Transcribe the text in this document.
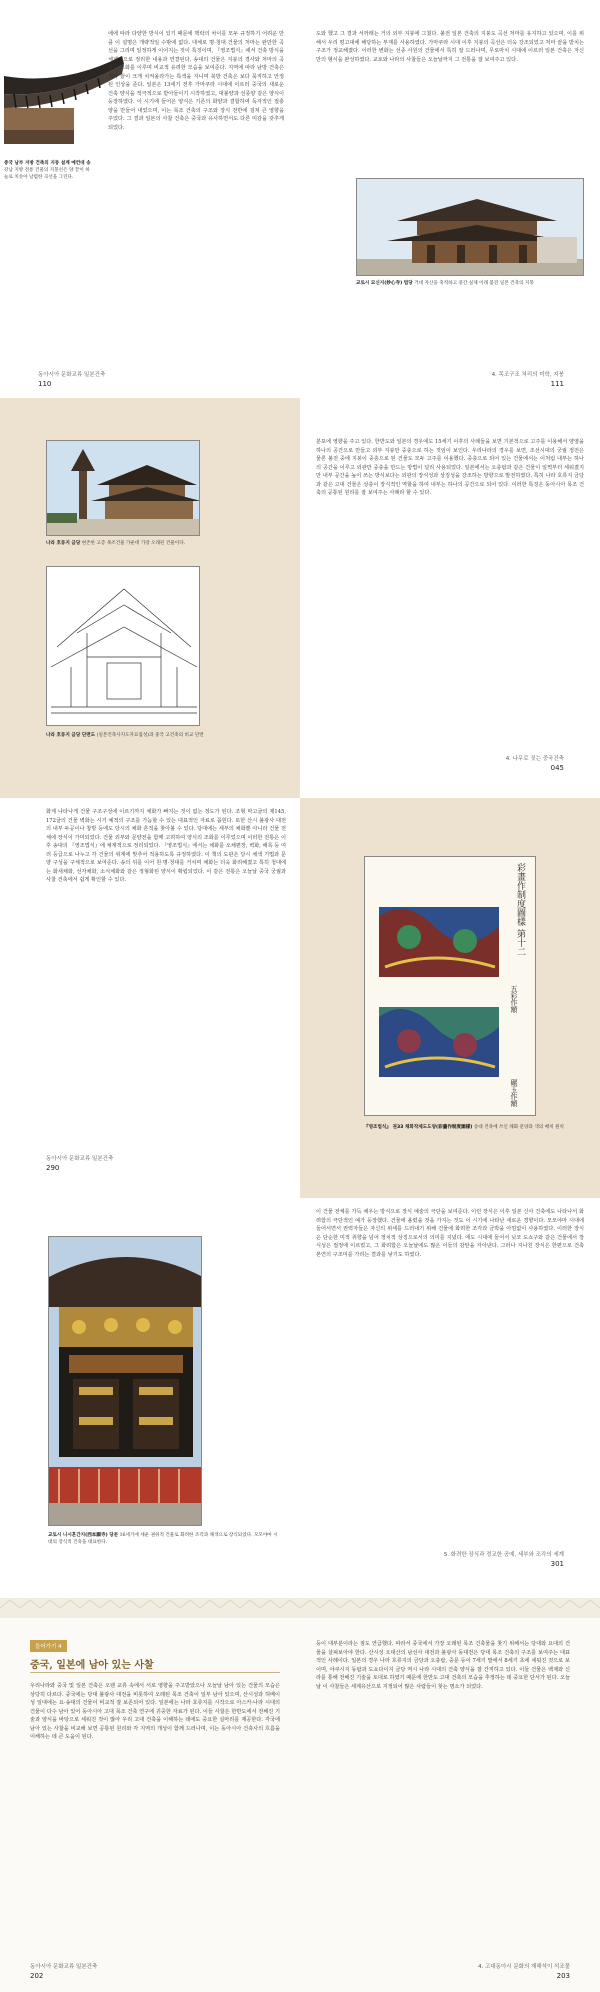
중국 남부 지방 건축의 지붕 설계 예컨대 송 강남 지방 전통 건물의 지붕선은 양 끝이 하늘로 치솟아 날렵한 곡선을 그린다.
에에 따라 다양한 방식이 있기 때문에 맥락의 차이를 모두 규정하기 어려운 만큼 이 설명은 개략적일 수밖에 없다. 대체로 명·청대 건물의 처마는 완만한 곡선을 그리며 일정하게 이어지는 것이 특징이며, 『영조법식』에서 건축 방식을 체계적으로 정리한 내용과 연결된다. 송대의 건물은 지붕의 경사와 처마의 곡선이 조화를 이루며 비교적 유려한 모습을 보여준다. 지역에 따라 남방 건축은 처마 끝이 크게 치켜올라가는 특색을 지니며 북방 건축은 보다 묵직하고 안정된 인상을 준다. 일본은 13세기 전후 가마쿠라 시대에 이르러 중국의 새로운 건축 양식을 적극적으로 받아들이기 시작하였고, 대불양과 선종양 같은 양식이 등장하였다. 이 시기에 들어온 양식은 기존의 화양과 결합하여 독자적인 절충양을 만들어 내었으며, 이는 목조 건축의 구조와 장식 전반에 걸쳐 큰 영향을 주었다. 그 결과 일본의 사찰 건축은 중국과 유사하면서도 다른 미감을 갖추게 되었다.
동아시아 문화교류 일본건축
110
도와 했고 그 결과 서까래는 거의 외부 지붕에 그쳤다. 불전 일본 건축의 지붕도 곡선 처마를 유지하고 있으며, 이를 위해서 우리 평고대에 해당하는 부재를 사용하였다. 가마쿠라 시대 이후 지붕의 곡선은 더욱 강조되었고 처마 끝을 받치는 구조가 정교해졌다. 이러한 변화는 선종 사원의 건물에서 특히 잘 드러나며, 무로마치 시대에 이르러 일본 건축은 자신만의 형식을 완성하였다. 교토와 나라의 사찰들은 오늘날까지 그 전통을 잘 보여주고 있다.
교토시 묘신지(妙心寺) 법당 거대 자산을 축적하고 중간 실제 이래 불전 일본 건축의 지붕
4. 목조구조 처리의 미학, 지붕
111
나라 호류지 금당 현존한 고층 목조건물 가운데 가장 오래된 건물이다.
나라 호류지 금당 단면도 (일본건축사지도자료집성)과 중국 고건축의 비교 단면
분포에 영향을 주고 있다. 한반도와 일본의 경우에도 15세기 이후의 사례들을 보면 기본적으로 고주를 이용해서 양옆을 하나의 공간으로 만들고 외부 지붕만 중층으로 하는 것임이 보인다. 우리나라의 경우를 보면, 조선시대의 궁궐 정전은 물론 불전 중에 지붕이 중층으로 된 건물도 모두 고주를 이용했다. 중층으로 되어 있는 건물에서는 이처럼 내부는 하나의 공간을 이루고 외관만 중층을 만드는 방법이 널리 사용되었다. 일본에서는 오층탑과 같은 건물이 일찍부터 세워졌지만 내부 공간을 높이 쓰는 방식보다는 외관의 장식성과 상징성을 강조하는 방향으로 발전하였다. 특히 나라 호류지 금당과 같은 고대 건물은 상층이 장식적인 역할을 하여 내부는 하나의 공간으로 되어 있다. 이러한 특징은 동아시아 목조 건축의 공통된 원리를 잘 보여주는 사례라 할 수 있다.
4. 나무로 짓는 중국건축
045
화계 나타나게 건물 구조구성에 이르기까지 체화가 빠지는 것이 없는 정도가 된다. 조형 막고굴의 제145, 172굴의 건물 벽화는 시기 예적의 구조를 가늠할 수 있는 대표적인 자료로 꼽힌다. 또한 산시 불광사 대전의 내부 두공이나 창방 등에도 당시의 채화 흔적을 찾아볼 수 있다. 당대에는 세부의 채화뿐 아니라 건물 전체에 장식이 가미되었다. 건물 외부와 문양전을 함께 고려하여 양식의 조화를 이루었으며 이러한 전통은 이후 송대의 『영조법식』에 체계적으로 정리되었다. 『영조법식』에서는 채화를 오채편장, 벽화, 해록 등 여러 등급으로 나누고 각 건물의 위계에 맞추어 적용하도록 규정하였다. 이 책의 도판은 당시 채색 기법과 문양 구성을 구체적으로 보여준다. 송의 뒤를 이어 원·명·청대를 거치며 채화는 더욱 화려해졌고 특히 청대에는 화새채화, 선자채화, 소식채화와 같은 정형화된 양식이 확립되었다. 이 같은 전통은 오늘날 중국 궁궐과 사찰 건축에서 쉽게 확인할 수 있다.
동아시아 문화교류 일본건축
290
彩畫作制度圖樣 第十二
五彩作額
碾玉作額
『영조법식』 권33 채화작제도도양(彩畵作制度圖樣) 송대 건축에 쓰인 채화 문양과 색의 배치 원칙
교토시 니시혼간지(西本願寺) 당문 16세기에 세운 권위적 건물로 화려한 조각과 채색으로 장식되었다. 모모야마 시대의 장식적 건축을 대표한다.
이 건물 전체를 가득 채우는 방식으로 장식 예술의 극단을 보여준다. 이런 장식은 이후 일본 신사 건축에도 나타나서 화려함의 극단적인 예가 등장했다. 건물에 올렸을 것을 가지는 것도 이 시기에 나타난 새로운 경향이다. 모모야마 시대에 들어서면서 권력자들은 자신의 위세를 드러내기 위해 건물에 화려한 조각과 금박을 아낌없이 사용하였다. 이러한 장식은 단순한 미적 취향을 넘어 정치적 상징으로서의 의미를 지녔다. 에도 시대에 들어서 닛코 도쇼구와 같은 건물에서 장식성은 절정에 이르렀고, 그 화려함은 오늘날에도 많은 이들의 감탄을 자아낸다. 그러나 지나친 장식은 한편으로 건축 본연의 구조미를 가리는 결과를 낳기도 하였다.
5. 화려한 장식과 정교한 공예, 세부와 조각의 세계
301
들어가기 4
중국, 일본에 남아 있는 사찰
우리나라와 중국 및 일본 건축은 오랜 교류 속에서 서로 영향을 주고받았으나 오늘날 남아 있는 건물의 모습은 상당히 다르다. 중국에는 당대 불광사 대전을 비롯하여 오래된 목조 건축이 일부 남아 있으며, 산시성과 허베이성 일대에는 요·송대의 건물이 비교적 잘 보존되어 있다. 일본에는 나라 호류지를 시작으로 아스카·나라 시대의 건물이 다수 남아 있어 동아시아 고대 목조 건축 연구에 귀중한 자료가 된다. 이들 사찰은 한반도에서 전해진 기술과 양식을 바탕으로 세워진 것이 많아 우리 고대 건축을 이해하는 데에도 중요한 실마리를 제공한다. 각국에 남아 있는 사찰을 비교해 보면 공통된 원리와 각 지역의 개성이 함께 드러나며, 이는 동아시아 건축사의 흐름을 이해하는 데 큰 도움이 된다.
동아시아 문화교류 일본건축
202
등이 대부분이라는 점도 연급했다. 따라서 중국에서 가장 오래된 목조 건축물을 찾기 위해서는 당대와 요대의 건물을 살펴보아야 한다. 산시성 오대산의 남선사 대전과 불광사 동대전은 당대 목조 건축의 구조를 보여주는 대표적인 사례이다. 일본의 경우 나라 호류지의 금당과 오층탑, 중문 등이 7세기 말에서 8세기 초에 세워진 것으로 보이며, 야쿠시지 동탑과 도쇼다이지 금당 역시 나라 시대의 건축 양식을 잘 간직하고 있다. 이들 건물은 백제와 신라를 통해 전해진 기술을 토대로 하였기 때문에 한반도 고대 건축의 모습을 추정하는 데 중요한 단서가 된다. 오늘날 이 사찰들은 세계유산으로 지정되어 많은 사람들이 찾는 명소가 되었다.
4. 고대동아시 문화의 재해석이 석조물
203
